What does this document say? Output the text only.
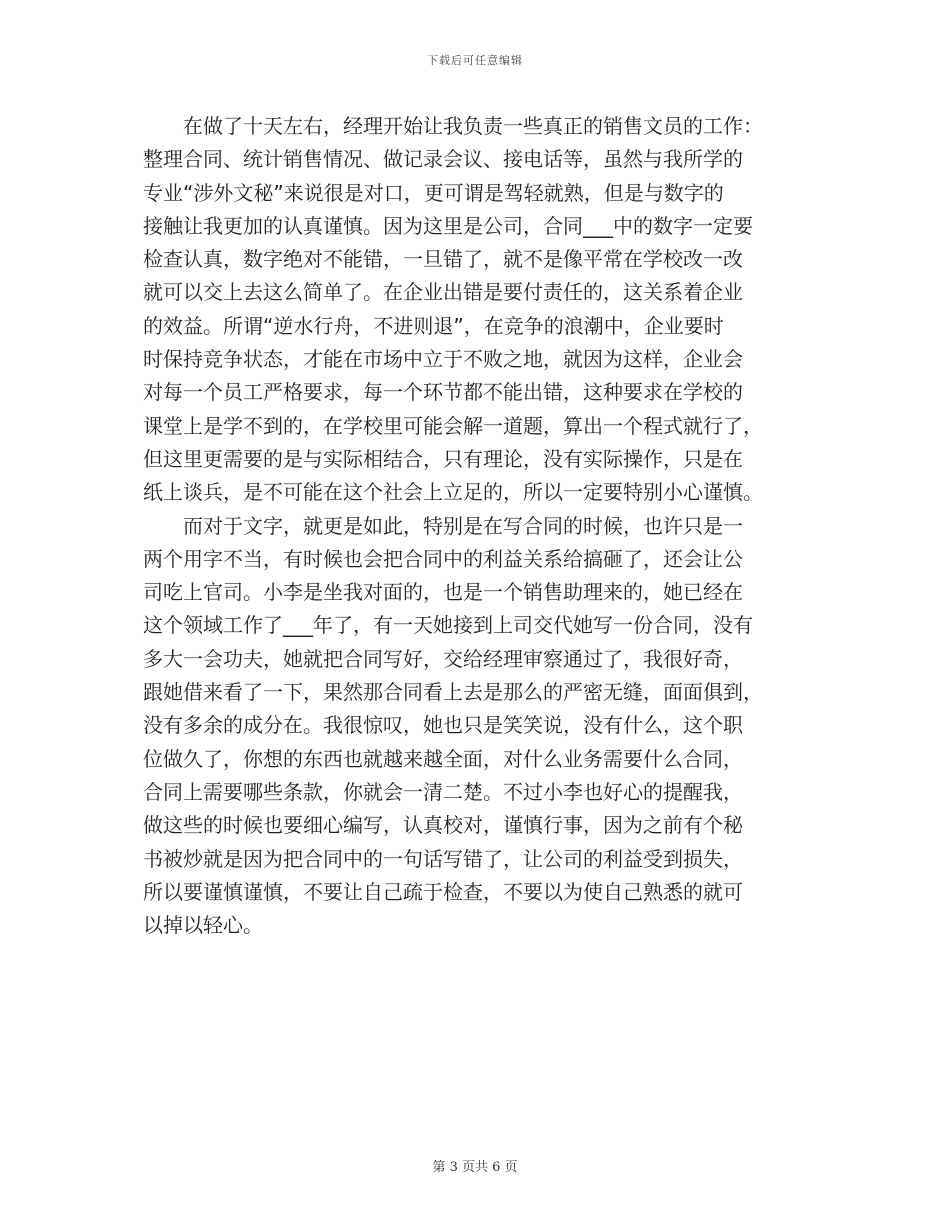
下载后可任意编辑

在做了十天左右，经理开始让我负责一些真正的销售文员的工作：
整理合同、统计销售情况、做记录会议、接电话等，虽然与我所学的
专业“涉外文秘”来说很是对口，更可谓是驾轻就熟，但是与数字的
接触让我更加的认真谨慎。因为这里是公司，合同___中的数字一定要
检查认真，数字绝对不能错，一旦错了，就不是像平常在学校改一改
就可以交上去这么简单了。在企业出错是要付责任的，这关系着企业
的效益。所谓“逆水行舟，不进则退”，在竞争的浪潮中，企业要时
时保持竞争状态，才能在市场中立于不败之地，就因为这样，企业会
对每一个员工严格要求，每一个环节都不能出错，这种要求在学校的
课堂上是学不到的，在学校里可能会解一道题，算出一个程式就行了，
但这里更需要的是与实际相结合，只有理论，没有实际操作，只是在
纸上谈兵，是不可能在这个社会上立足的，所以一定要特别小心谨慎。

而对于文字，就更是如此，特别是在写合同的时候，也许只是一
两个用字不当，有时候也会把合同中的利益关系给搞砸了，还会让公
司吃上官司。小李是坐我对面的，也是一个销售助理来的，她已经在
这个领域工作了___年了，有一天她接到上司交代她写一份合同，没有
多大一会功夫，她就把合同写好，交给经理审察通过了，我很好奇，
跟她借来看了一下，果然那合同看上去是那么的严密无缝，面面俱到，
没有多余的成分在。我很惊叹，她也只是笑笑说，没有什么，这个职
位做久了，你想的东西也就越来越全面，对什么业务需要什么合同，
合同上需要哪些条款，你就会一清二楚。不过小李也好心的提醒我，
做这些的时候也要细心编写，认真校对，谨慎行事，因为之前有个秘
书被炒就是因为把合同中的一句话写错了，让公司的利益受到损失，
所以要谨慎谨慎，不要让自己疏于检查，不要以为使自己熟悉的就可
以掉以轻心。

第 3 页共 6 页
